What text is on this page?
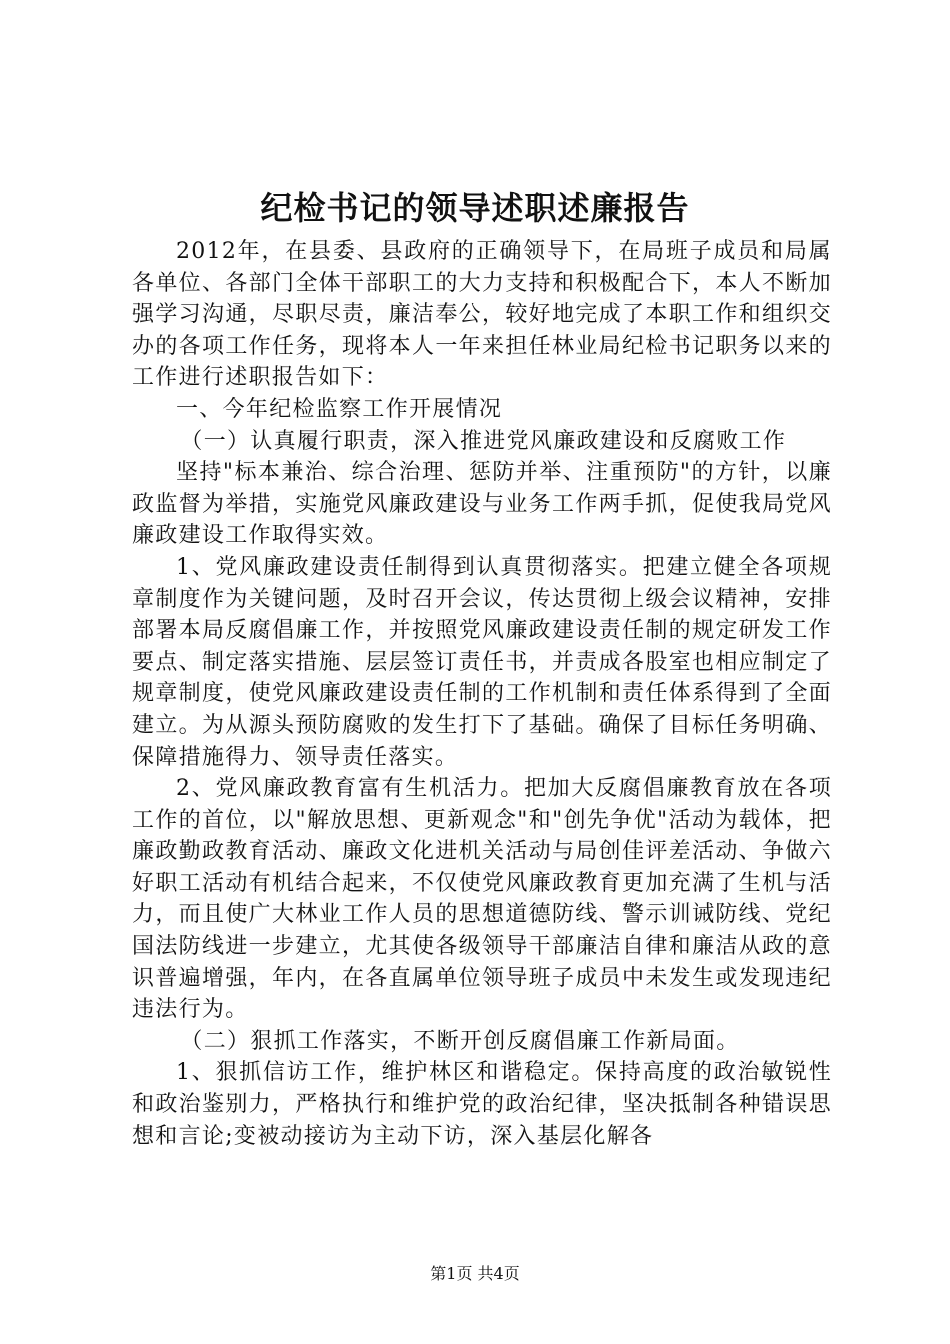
纪检书记的领导述职述廉报告

2012年，在县委、县政府的正确领导下，在局班子成员和局属各单位、各部门全体干部职工的大力支持和积极配合下，本人不断加强学习沟通，尽职尽责，廉洁奉公，较好地完成了本职工作和组织交办的各项工作任务，现将本人一年来担任林业局纪检书记职务以来的工作进行述职报告如下：

一、今年纪检监察工作开展情况

（一）认真履行职责，深入推进党风廉政建设和反腐败工作

坚持"标本兼治、综合治理、惩防并举、注重预防"的方针，以廉政监督为举措，实施党风廉政建设与业务工作两手抓，促使我局党风廉政建设工作取得实效。

1、党风廉政建设责任制得到认真贯彻落实。把建立健全各项规章制度作为关键问题，及时召开会议，传达贯彻上级会议精神，安排部署本局反腐倡廉工作，并按照党风廉政建设责任制的规定研发工作要点、制定落实措施、层层签订责任书，并责成各股室也相应制定了规章制度，使党风廉政建设责任制的工作机制和责任体系得到了全面建立。为从源头预防腐败的发生打下了基础。确保了目标任务明确、保障措施得力、领导责任落实。

2、党风廉政教育富有生机活力。把加大反腐倡廉教育放在各项工作的首位，以"解放思想、更新观念"和"创先争优"活动为载体，把廉政勤政教育活动、廉政文化进机关活动与局创佳评差活动、争做六好职工活动有机结合起来，不仅使党风廉政教育更加充满了生机与活力，而且使广大林业工作人员的思想道德防线、警示训诫防线、党纪国法防线进一步建立，尤其使各级领导干部廉洁自律和廉洁从政的意识普遍增强，年内，在各直属单位领导班子成员中未发生或发现违纪违法行为。

（二）狠抓工作落实，不断开创反腐倡廉工作新局面。

1、狠抓信访工作，维护林区和谐稳定。保持高度的政治敏锐性和政治鉴别力，严格执行和维护党的政治纪律，坚决抵制各种错误思想和言论;变被动接访为主动下访，深入基层化解各

第1页 共4页
